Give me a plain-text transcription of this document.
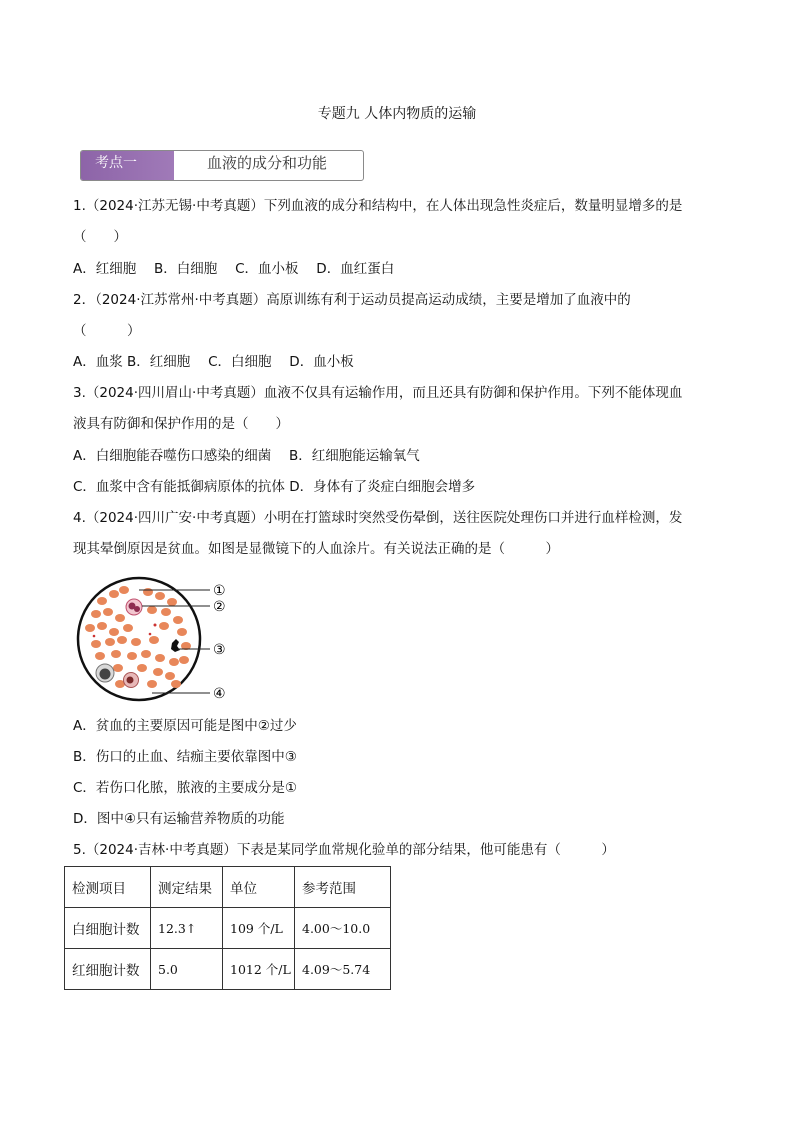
专题九 人体内物质的运输
考点一	血液的成分和功能
1.（2024·江苏无锡·中考真题）下列血液的成分和结构中，在人体出现急性炎症后，数量明显增多的是
（　　）
A．红细胞　 B．白细胞　 C．血小板　 D．血红蛋白
2．（2024·江苏常州·中考真题）高原训练有利于运动员提高运动成绩，主要是增加了血液中的
（　　　）
A．血浆 B．红细胞　 C．白细胞　 D．血小板
3.（2024·四川眉山·中考真题）血液不仅具有运输作用，而且还具有防御和保护作用。下列不能体现血
液具有防御和保护作用的是（　　）
A．白细胞能吞噬伤口感染的细菌　 B．红细胞能运输氧气
C．血浆中含有能抵御病原体的抗体 D．身体有了炎症白细胞会增多
4.（2024·四川广安·中考真题）小明在打篮球时突然受伤晕倒，送往医院处理伤口并进行血样检测，发
现其晕倒原因是贫血。如图是显微镜下的人血涂片。有关说法正确的是（　　　）
①
②
③
④
A．贫血的主要原因可能是图中②过少
B．伤口的止血、结痂主要依靠图中③
C．若伤口化脓，脓液的主要成分是①
D．图中④只有运输营养物质的功能
5.（2024·吉林·中考真题）下表是某同学血常规化验单的部分结果，他可能患有（　　　）
检测项目	测定结果	单位	参考范围
白细胞计数	12.3↑	109 个/L	4.00～10.0
红细胞计数	5.0	1012 个/L	4.09～5.74
